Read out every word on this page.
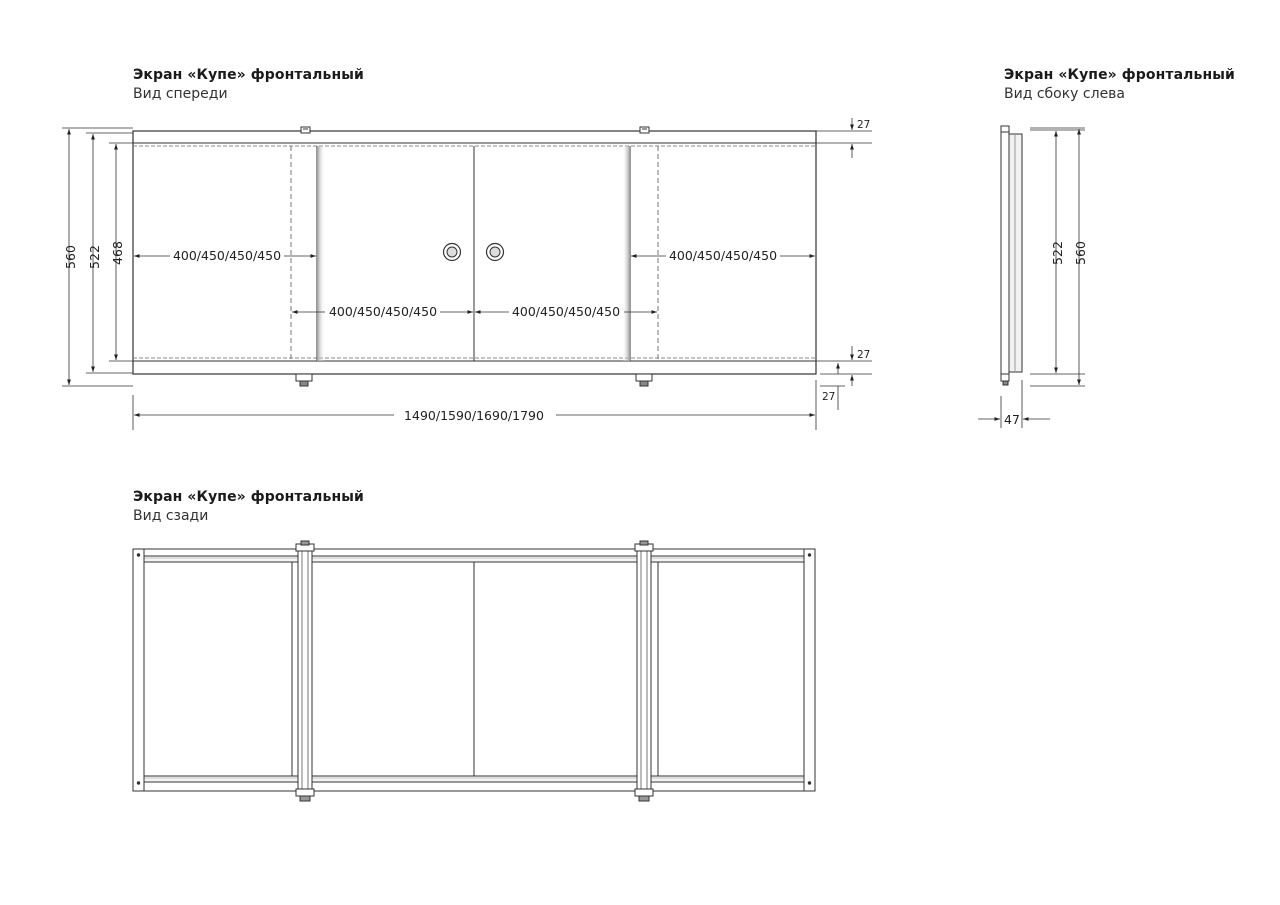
Экран «Купе» фронтальный
Вид спереди
Экран «Купе» фронтальный
Вид сбоку слева
Экран «Купе» фронтальный
Вид сзади
560 522 468	400/450/450/450
400/450/450/450	400/450/450/450
400/450/450/450
1490/1590/1690/1790
27
27
27
522 560
47
